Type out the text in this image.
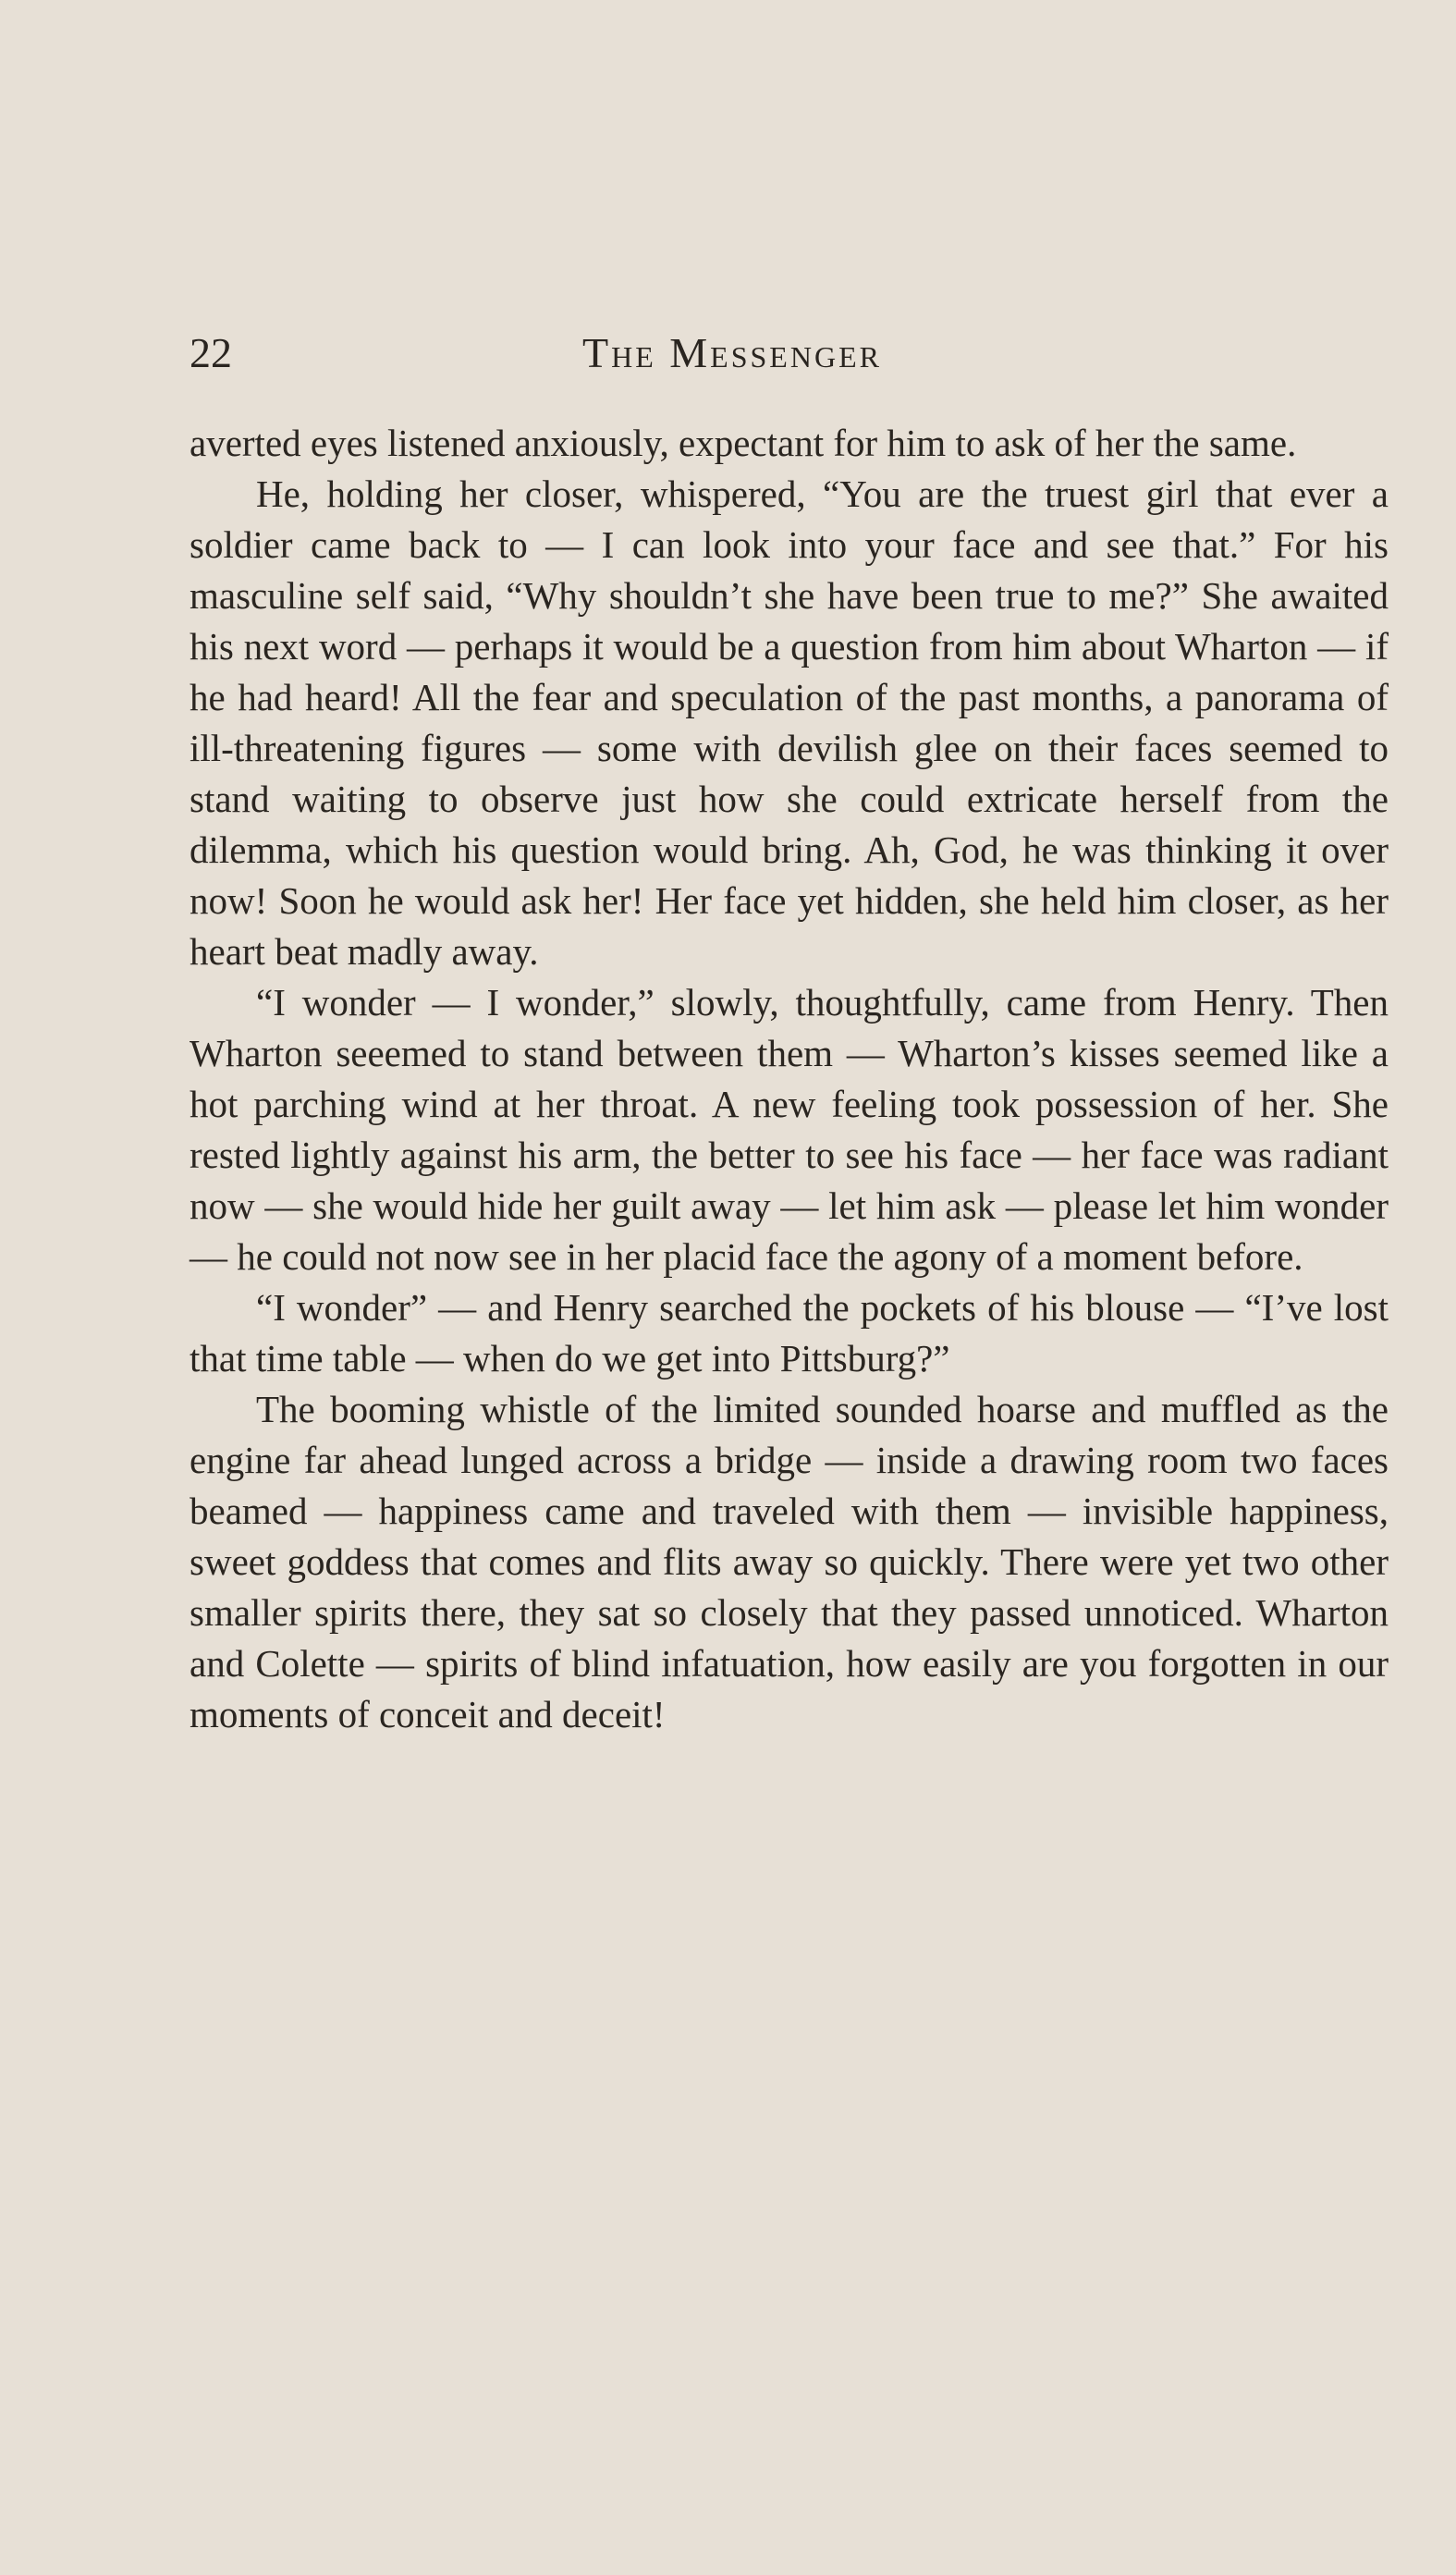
22	The Messenger

averted eyes listened anxiously, expectant for him to ask of her the same.

He, holding her closer, whispered, “You are the truest girl that ever a soldier came back to — I can look into your face and see that.” For his masculine self said, “Why shouldn’t she have been true to me?” She awaited his next word — perhaps it would be a question from him about Wharton — if he had heard! All the fear and speculation of the past months, a panorama of ill-threatening figures — some with devilish glee on their faces seemed to stand waiting to observe just how she could extricate herself from the dilemma, which his question would bring. Ah, God, he was thinking it over now! Soon he would ask her! Her face yet hidden, she held him closer, as her heart beat madly away.

“I wonder — I wonder,” slowly, thoughtfully, came from Henry. Then Wharton seeemed to stand between them — Wharton’s kisses seemed like a hot parching wind at her throat. A new feeling took possession of her. She rested lightly against his arm, the better to see his face — her face was radiant now — she would hide her guilt away — let him ask — please let him wonder — he could not now see in her placid face the agony of a moment before.

“I wonder” — and Henry searched the pockets of his blouse — “I’ve lost that time table — when do we get into Pittsburg?”

The booming whistle of the limited sounded hoarse and muffled as the engine far ahead lunged across a bridge — inside a drawing room two faces beamed — happiness came and traveled with them — invisible happiness, sweet goddess that comes and flits away so quickly. There were yet two other smaller spirits there, they sat so closely that they passed unnoticed. Wharton and Colette — spirits of blind infatuation, how easily are you forgotten in our moments of conceit and deceit!
